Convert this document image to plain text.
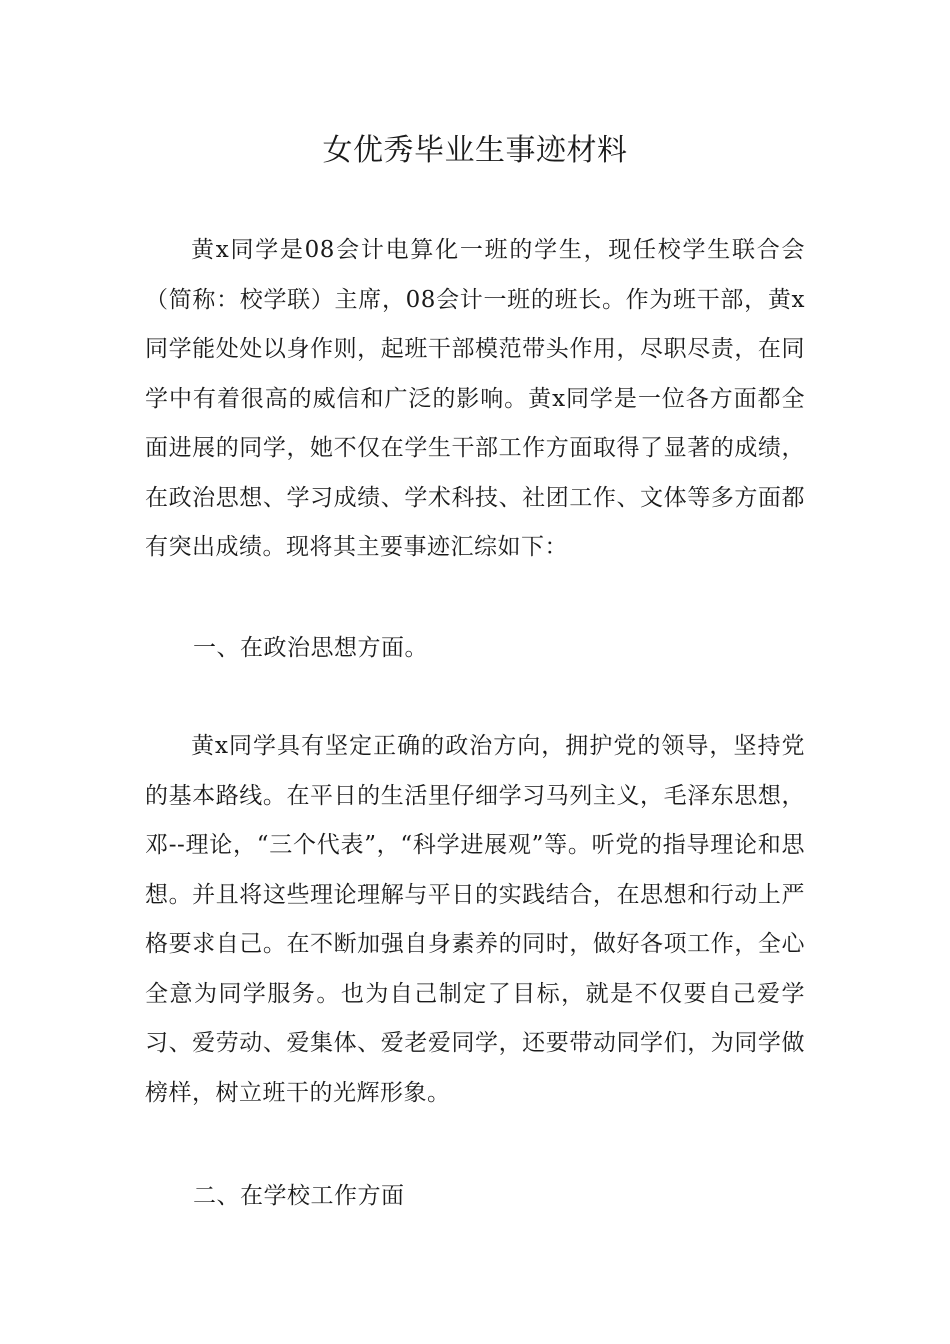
女优秀毕业生事迹材料

黄x同学是08会计电算化一班的学生，现任校学生联合会（简称：校学联）主席，08会计一班的班长。作为班干部，黄x同学能处处以身作则，起班干部模范带头作用，尽职尽责，在同学中有着很高的威信和广泛的影响。黄x同学是一位各方面都全面进展的同学，她不仅在学生干部工作方面取得了显著的成绩，在政治思想、学习成绩、学术科技、社团工作、文体等多方面都有突出成绩。现将其主要事迹汇综如下：

一、在政治思想方面。

黄x同学具有坚定正确的政治方向，拥护党的领导，坚持党的基本路线。在平日的生活里仔细学习马列主义，毛泽东思想，邓--理论，“三个代表”，“科学进展观”等。听党的指导理论和思想。并且将这些理论理解与平日的实践结合，在思想和行动上严格要求自己。在不断加强自身素养的同时，做好各项工作，全心全意为同学服务。也为自己制定了目标，就是不仅要自己爱学习、爱劳动、爱集体、爱老爱同学，还要带动同学们，为同学做榜样，树立班干的光辉形象。

二、在学校工作方面
